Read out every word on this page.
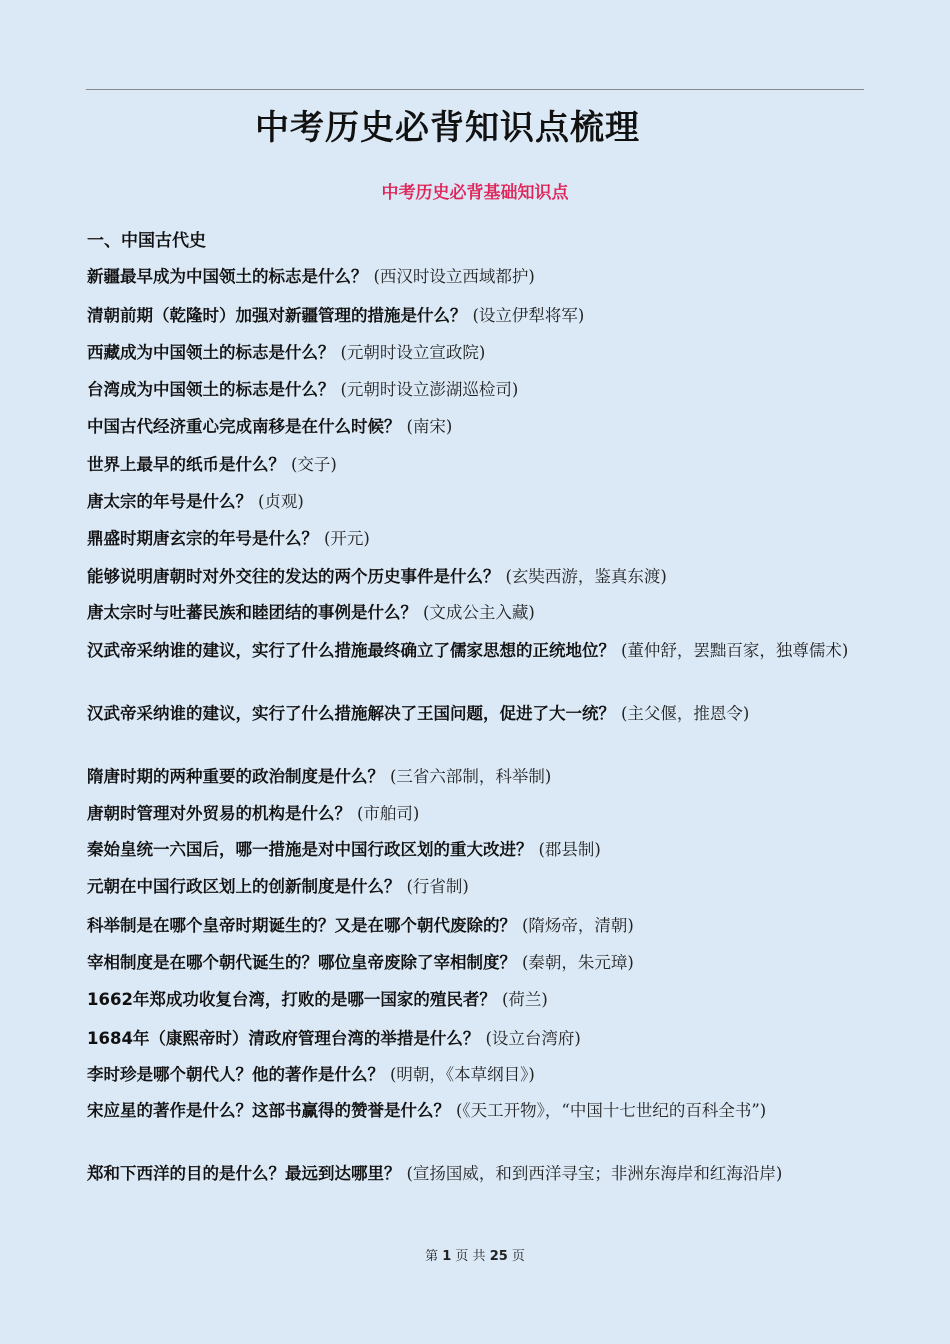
中考历史必背知识点梳理
中考历史必背基础知识点
一、中国古代史
新疆最早成为中国领土的标志是什么？ (西汉时设立西域都护)
清朝前期（乾隆时）加强对新疆管理的措施是什么？ (设立伊犁将军)
西藏成为中国领土的标志是什么？ (元朝时设立宣政院)
台湾成为中国领土的标志是什么？ (元朝时设立澎湖巡检司)
中国古代经济重心完成南移是在什么时候？ (南宋)
世界上最早的纸币是什么？ (交子)
唐太宗的年号是什么？ (贞观)
鼎盛时期唐玄宗的年号是什么？ (开元)
能够说明唐朝时对外交往的发达的两个历史事件是什么？ (玄奘西游，鉴真东渡)
唐太宗时与吐蕃民族和睦团结的事例是什么？ (文成公主入藏)
汉武帝采纳谁的建议，实行了什么措施最终确立了儒家思想的正统地位？ (董仲舒，罢黜百家，独尊儒术)
汉武帝采纳谁的建议，实行了什么措施解决了王国问题，促进了大一统？ (主父偃，推恩令)
隋唐时期的两种重要的政治制度是什么？ (三省六部制，科举制)
唐朝时管理对外贸易的机构是什么？ (市舶司)
秦始皇统一六国后，哪一措施是对中国行政区划的重大改进？ (郡县制)
元朝在中国行政区划上的创新制度是什么？ (行省制)
科举制是在哪个皇帝时期诞生的？又是在哪个朝代废除的？ (隋炀帝，清朝)
宰相制度是在哪个朝代诞生的？哪位皇帝废除了宰相制度？ (秦朝，朱元璋)
1662年郑成功收复台湾，打败的是哪一国家的殖民者？ (荷兰)
1684年（康熙帝时）清政府管理台湾的举措是什么？ (设立台湾府)
李时珍是哪个朝代人？他的著作是什么？ (明朝，《本草纲目》)
宋应星的著作是什么？这部书赢得的赞誉是什么？ (《天工开物》，“中国十七世纪的百科全书”)
郑和下西洋的目的是什么？最远到达哪里？ (宣扬国威，和到西洋寻宝；非洲东海岸和红海沿岸)
第 1 页 共 25 页
